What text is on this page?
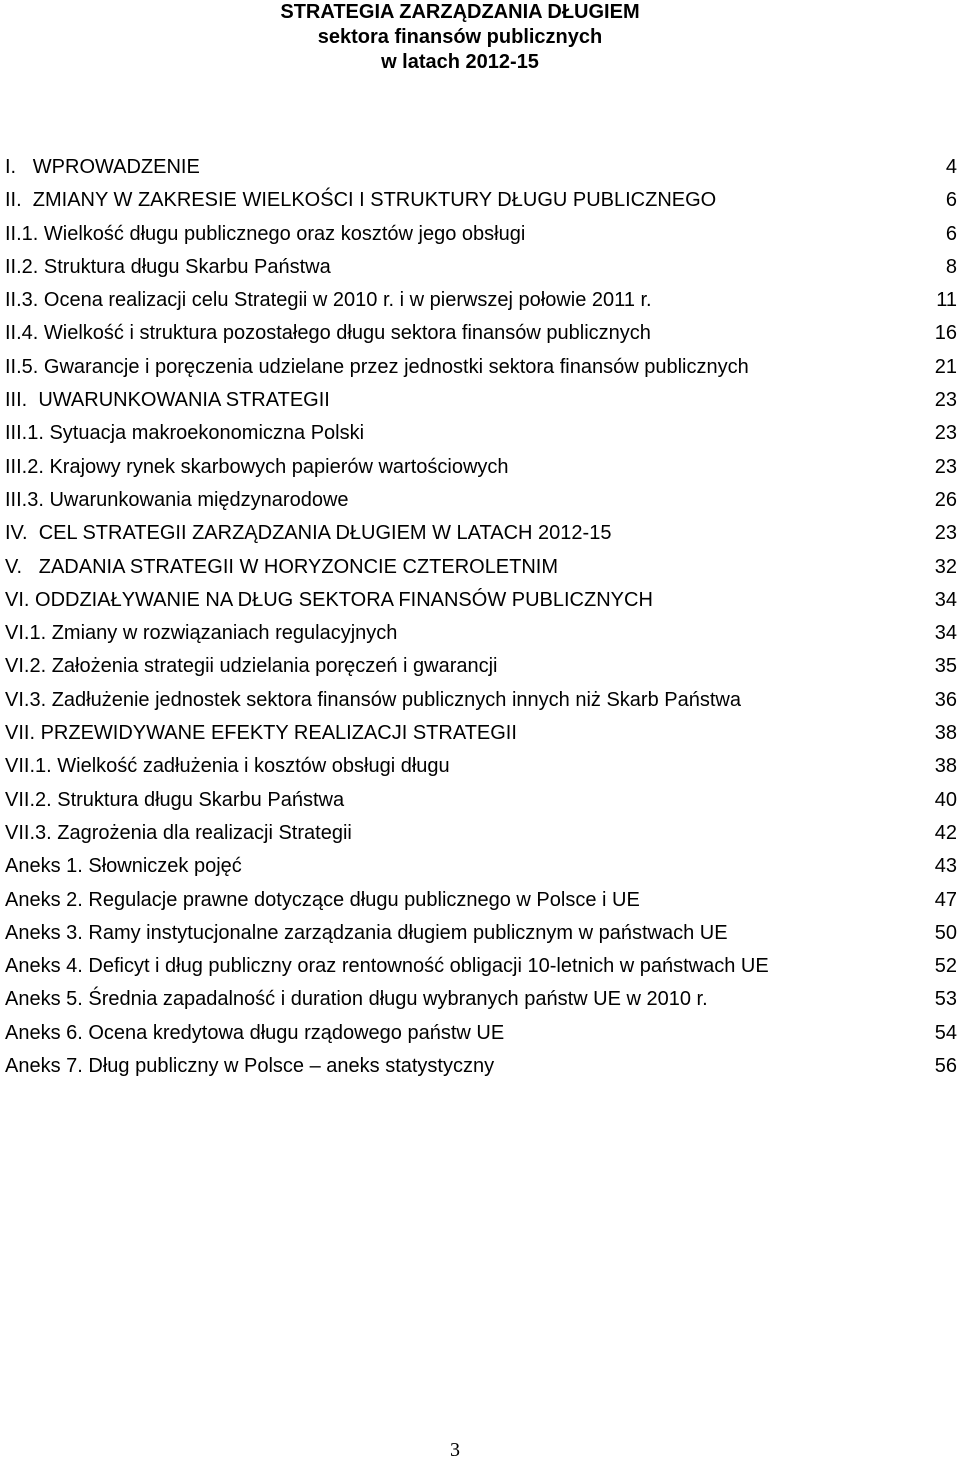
STRATEGIA ZARZĄDZANIA DŁUGIEM
sektora finansów publicznych
w latach 2012-15
I.   WPROWADZENIE	4
II.  ZMIANY W ZAKRESIE WIELKOŚCI I STRUKTURY DŁUGU PUBLICZNEGO	6
II.1. Wielkość długu publicznego oraz kosztów jego obsługi	6
II.2. Struktura długu Skarbu Państwa	8
II.3. Ocena realizacji celu Strategii w 2010 r. i w pierwszej połowie 2011 r.	11
II.4. Wielkość i struktura pozostałego długu sektora finansów publicznych	16
II.5. Gwarancje i poręczenia udzielane przez jednostki sektora finansów publicznych	21
III.  UWARUNKOWANIA STRATEGII	23
III.1. Sytuacja makroekonomiczna Polski	23
III.2. Krajowy rynek skarbowych papierów wartościowych	23
III.3. Uwarunkowania międzynarodowe	26
IV.  CEL STRATEGII ZARZĄDZANIA DŁUGIEM W LATACH 2012-15	23
V.   ZADANIA STRATEGII W HORYZONCIE CZTEROLETNIM	32
VI. ODDZIAŁYWANIE NA DŁUG SEKTORA FINANSÓW PUBLICZNYCH	34
VI.1. Zmiany w rozwiązaniach regulacyjnych	34
VI.2. Założenia strategii udzielania poręczeń i gwarancji	35
VI.3. Zadłużenie jednostek sektora finansów publicznych innych niż Skarb Państwa	36
VII. PRZEWIDYWANE EFEKTY REALIZACJI STRATEGII	38
VII.1. Wielkość zadłużenia i kosztów obsługi długu	38
VII.2. Struktura długu Skarbu Państwa	40
VII.3. Zagrożenia dla realizacji Strategii	42
Aneks 1. Słowniczek pojęć	43
Aneks 2. Regulacje prawne dotyczące długu publicznego w Polsce i UE	47
Aneks 3. Ramy instytucjonalne zarządzania długiem publicznym w państwach UE	50
Aneks 4. Deficyt i dług publiczny oraz rentowność obligacji 10-letnich w państwach UE	52
Aneks 5. Średnia zapadalność i duration długu wybranych państw UE w 2010 r.	53
Aneks 6. Ocena kredytowa długu rządowego państw UE	54
Aneks 7. Dług publiczny w Polsce – aneks statystyczny	56
3
